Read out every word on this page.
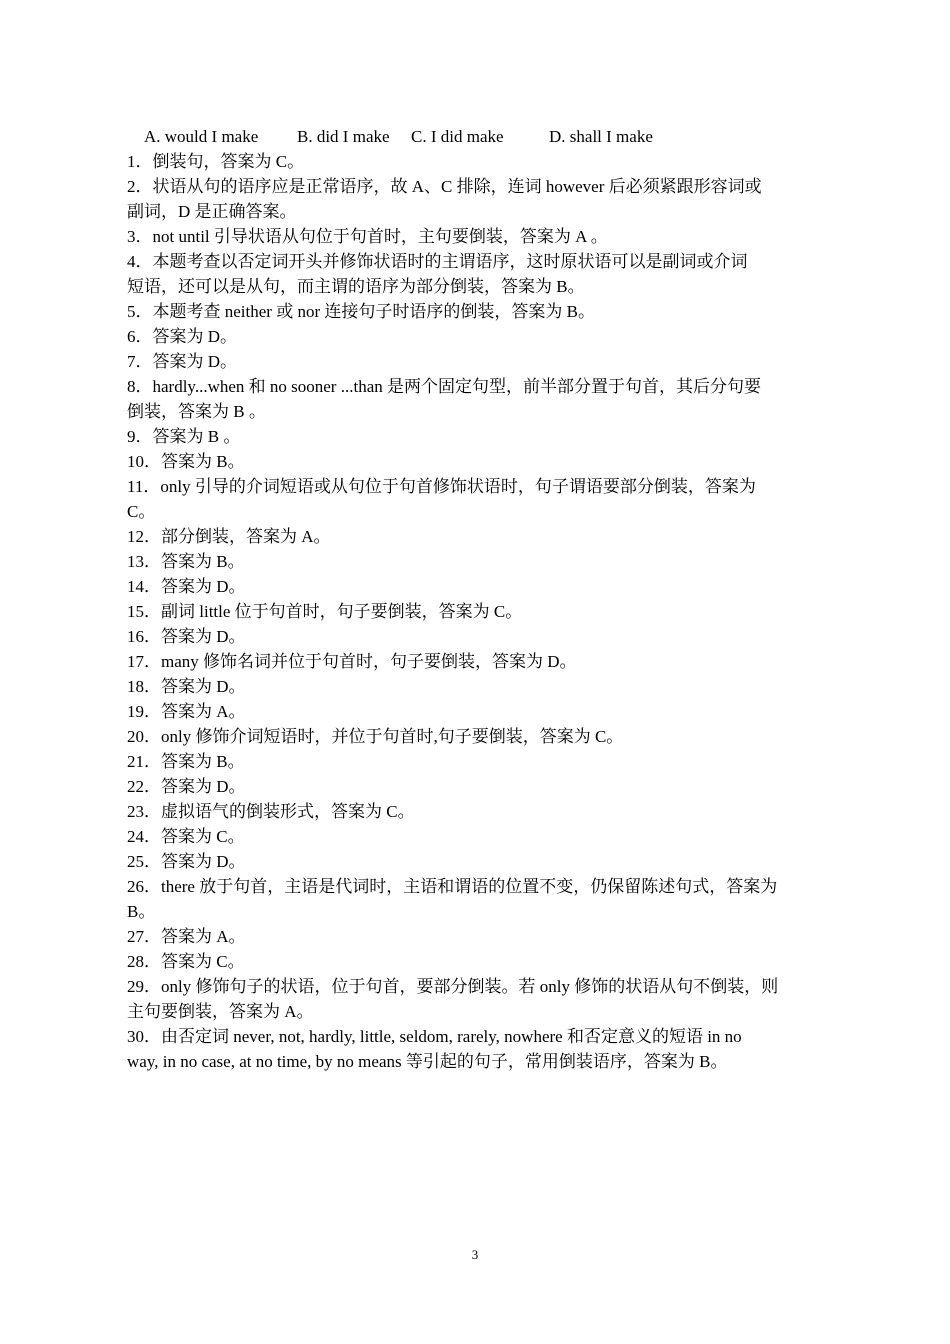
A. would I make B. did I make C. I did make	D. shall I make
1．倒装句，答案为 C。
2．状语从句的语序应是正常语序，故 A、C 排除，连词 however 后必须紧跟形容词或
副词，D 是正确答案。
3．not until 引导状语从句位于句首时，主句要倒装，答案为 A 。
4．本题考查以否定词开头并修饰状语时的主谓语序，这时原状语可以是副词或介词
短语，还可以是从句，而主谓的语序为部分倒装，答案为 B。
5．本题考查 neither 或 nor 连接句子时语序的倒装，答案为 B。
6．答案为 D。
7．答案为 D。
8．hardly...when 和 no sooner ...than 是两个固定句型，前半部分置于句首，其后分句要
倒装，答案为 B 。
9．答案为 B 。
10．答案为 B。
11．only 引导的介词短语或从句位于句首修饰状语时，句子谓语要部分倒装，答案为
C。
12．部分倒装，答案为 A。
13．答案为 B。
14．答案为 D。
15．副词 little 位于句首时，句子要倒装，答案为 C。
16．答案为 D。
17．many 修饰名词并位于句首时，句子要倒装，答案为 D。
18．答案为 D。
19．答案为 A。
20．only 修饰介词短语时，并位于句首时,句子要倒装，答案为 C。
21．答案为 B。
22．答案为 D。
23．虚拟语气的倒装形式，答案为 C。
24．答案为 C。
25．答案为 D。
26．there 放于句首，主语是代词时，主语和谓语的位置不变，仍保留陈述句式，答案为
B。
27．答案为 A。
28．答案为 C。
29．only 修饰句子的状语，位于句首，要部分倒装。若 only 修饰的状语从句不倒装，则
主句要倒装，答案为 A。
30．由否定词 never, not, hardly, little, seldom, rarely, nowhere 和否定意义的短语 in no
way, in no case, at no time, by no means 等引起的句子，常用倒装语序，答案为 B。
3
